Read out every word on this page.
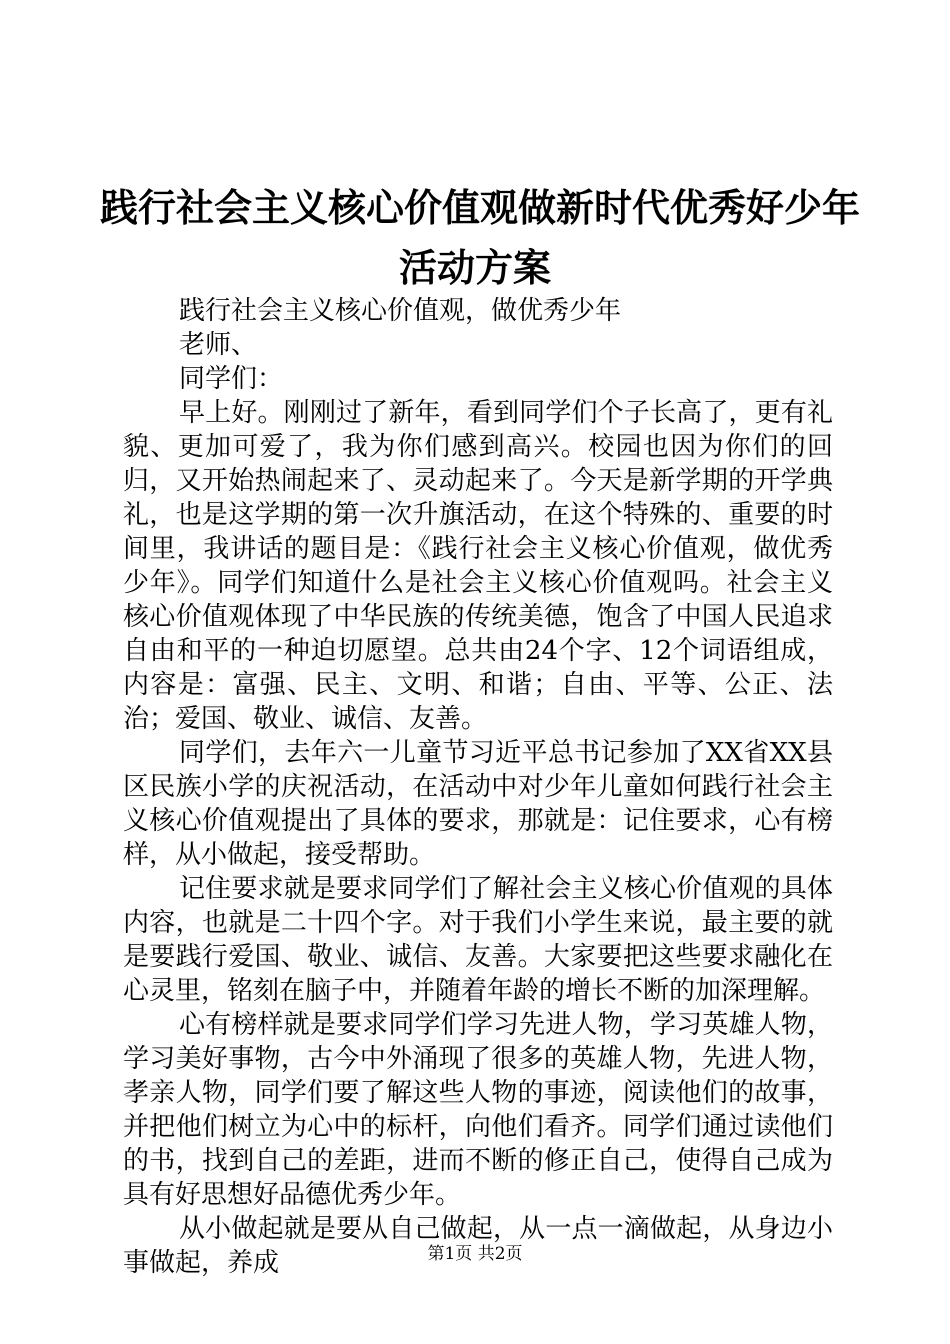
践行社会主义核心价值观做新时代优秀好少年
活动方案

践行社会主义核心价值观，做优秀少年

老师、

同学们：

早上好。刚刚过了新年，看到同学们个子长高了，更有礼貌、更加可爱了，我为你们感到高兴。校园也因为你们的回归，又开始热闹起来了、灵动起来了。今天是新学期的开学典礼，也是这学期的第一次升旗活动，在这个特殊的、重要的时间里，我讲话的题目是：《践行社会主义核心价值观，做优秀少年》。同学们知道什么是社会主义核心价值观吗。社会主义核心价值观体现了中华民族的传统美德，饱含了中国人民追求自由和平的一种迫切愿望。总共由24个字、12个词语组成，内容是：富强、民主、文明、和谐；自由、平等、公正、法治；爱国、敬业、诚信、友善。

同学们，去年六一儿童节习近平总书记参加了XX省XX县区民族小学的庆祝活动，在活动中对少年儿童如何践行社会主义核心价值观提出了具体的要求，那就是：记住要求，心有榜样，从小做起，接受帮助。

记住要求就是要求同学们了解社会主义核心价值观的具体内容，也就是二十四个字。对于我们小学生来说，最主要的就是要践行爱国、敬业、诚信、友善。大家要把这些要求融化在心灵里，铭刻在脑子中，并随着年龄的增长不断的加深理解。

心有榜样就是要求同学们学习先进人物，学习英雄人物，学习美好事物，古今中外涌现了很多的英雄人物，先进人物，孝亲人物，同学们要了解这些人物的事迹，阅读他们的故事，并把他们树立为心中的标杆，向他们看齐。同学们通过读他们的书，找到自己的差距，进而不断的修正自己，使得自己成为具有好思想好品德优秀少年。

从小做起就是要从自己做起，从一点一滴做起，从身边小事做起，养成	第1页 共2页
